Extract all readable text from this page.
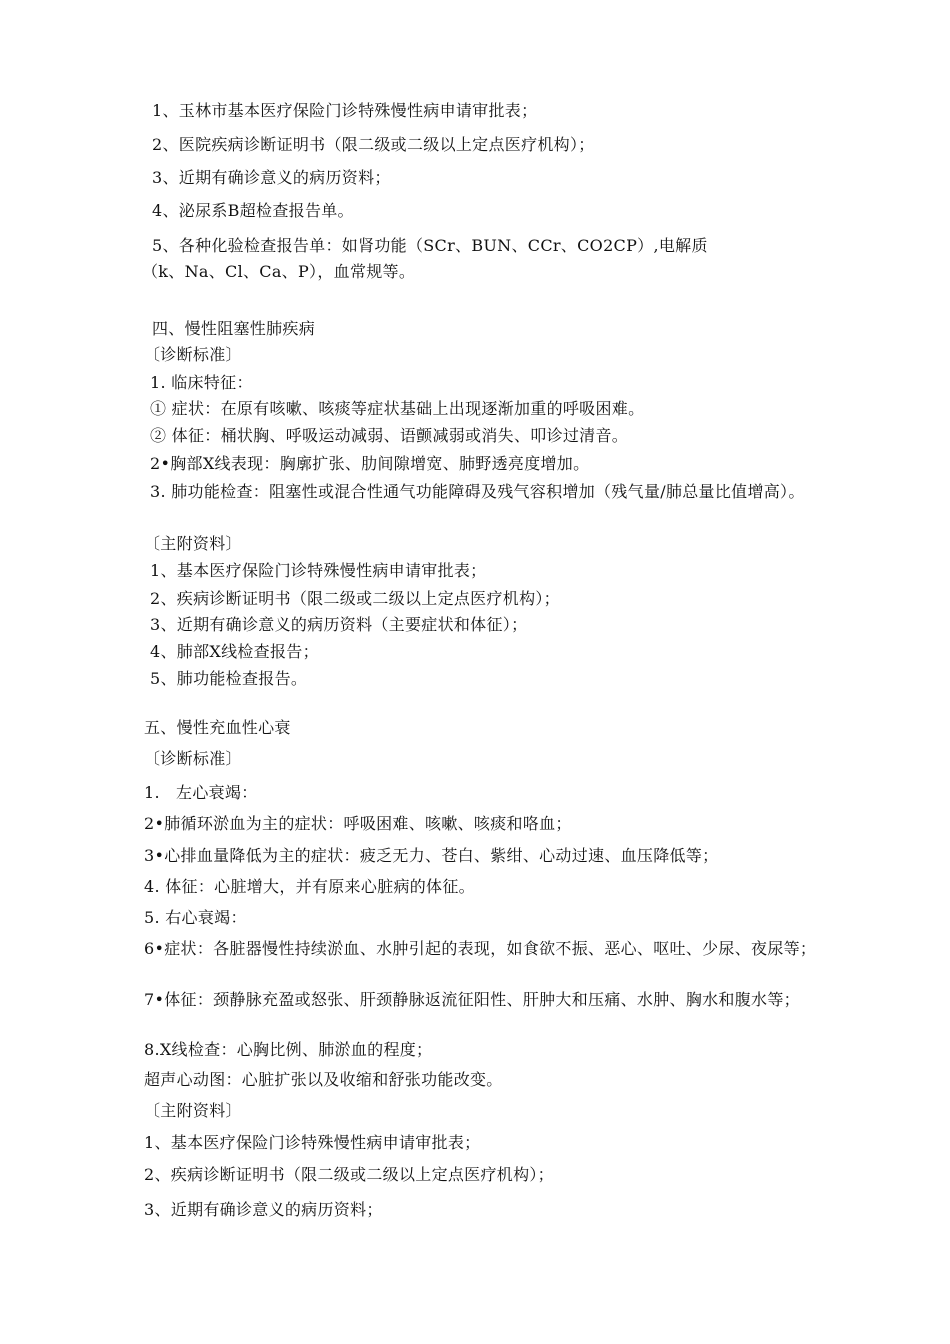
1、玉林市基本医疗保险门诊特殊慢性病申请审批表；
2、医院疾病诊断证明书（限二级或二级以上定点医疗机构）；
3、近期有确诊意义的病历资料；
4、泌尿系B超检查报告单。
5、各种化验检查报告单：如肾功能（SCr、BUN、CCr、CO2CP）,电解质
（k、Na、Cl、Ca、P），血常规等。
四、慢性阻塞性肺疾病
〔诊断标准〕
1. 临床特征：
① 症状：在原有咳嗽、咳痰等症状基础上出现逐渐加重的呼吸困难。
② 体征：桶状胸、呼吸运动减弱、语颤减弱或消失、叩诊过清音。
2•胸部X线表现：胸廓扩张、肋间隙增宽、肺野透亮度增加。
3. 肺功能检查：阻塞性或混合性通气功能障碍及残气容积增加（残气量/肺总量比值增高）。
〔主附资料〕
1、基本医疗保险门诊特殊慢性病申请审批表；
2、疾病诊断证明书（限二级或二级以上定点医疗机构）；
3、近期有确诊意义的病历资料（主要症状和体征）；
4、肺部X线检查报告；
5、肺功能检查报告。
五、慢性充血性心衰
〔诊断标准〕
1.   左心衰竭：
2•肺循环淤血为主的症状：呼吸困难、咳嗽、咳痰和咯血；
3•心排血量降低为主的症状：疲乏无力、苍白、紫绀、心动过速、血压降低等；
4. 体征：心脏增大，并有原来心脏病的体征。
5. 右心衰竭：
6•症状：各脏器慢性持续淤血、水肿引起的表现，如食欲不振、恶心、呕吐、少尿、夜尿等；
7•体征：颈静脉充盈或怒张、肝颈静脉返流征阳性、肝肿大和压痛、水肿、胸水和腹水等；
8.X线检查：心胸比例、肺淤血的程度；
超声心动图：心脏扩张以及收缩和舒张功能改变。
〔主附资料〕
1、基本医疗保险门诊特殊慢性病申请审批表；
2、疾病诊断证明书（限二级或二级以上定点医疗机构）；
3、近期有确诊意义的病历资料；
